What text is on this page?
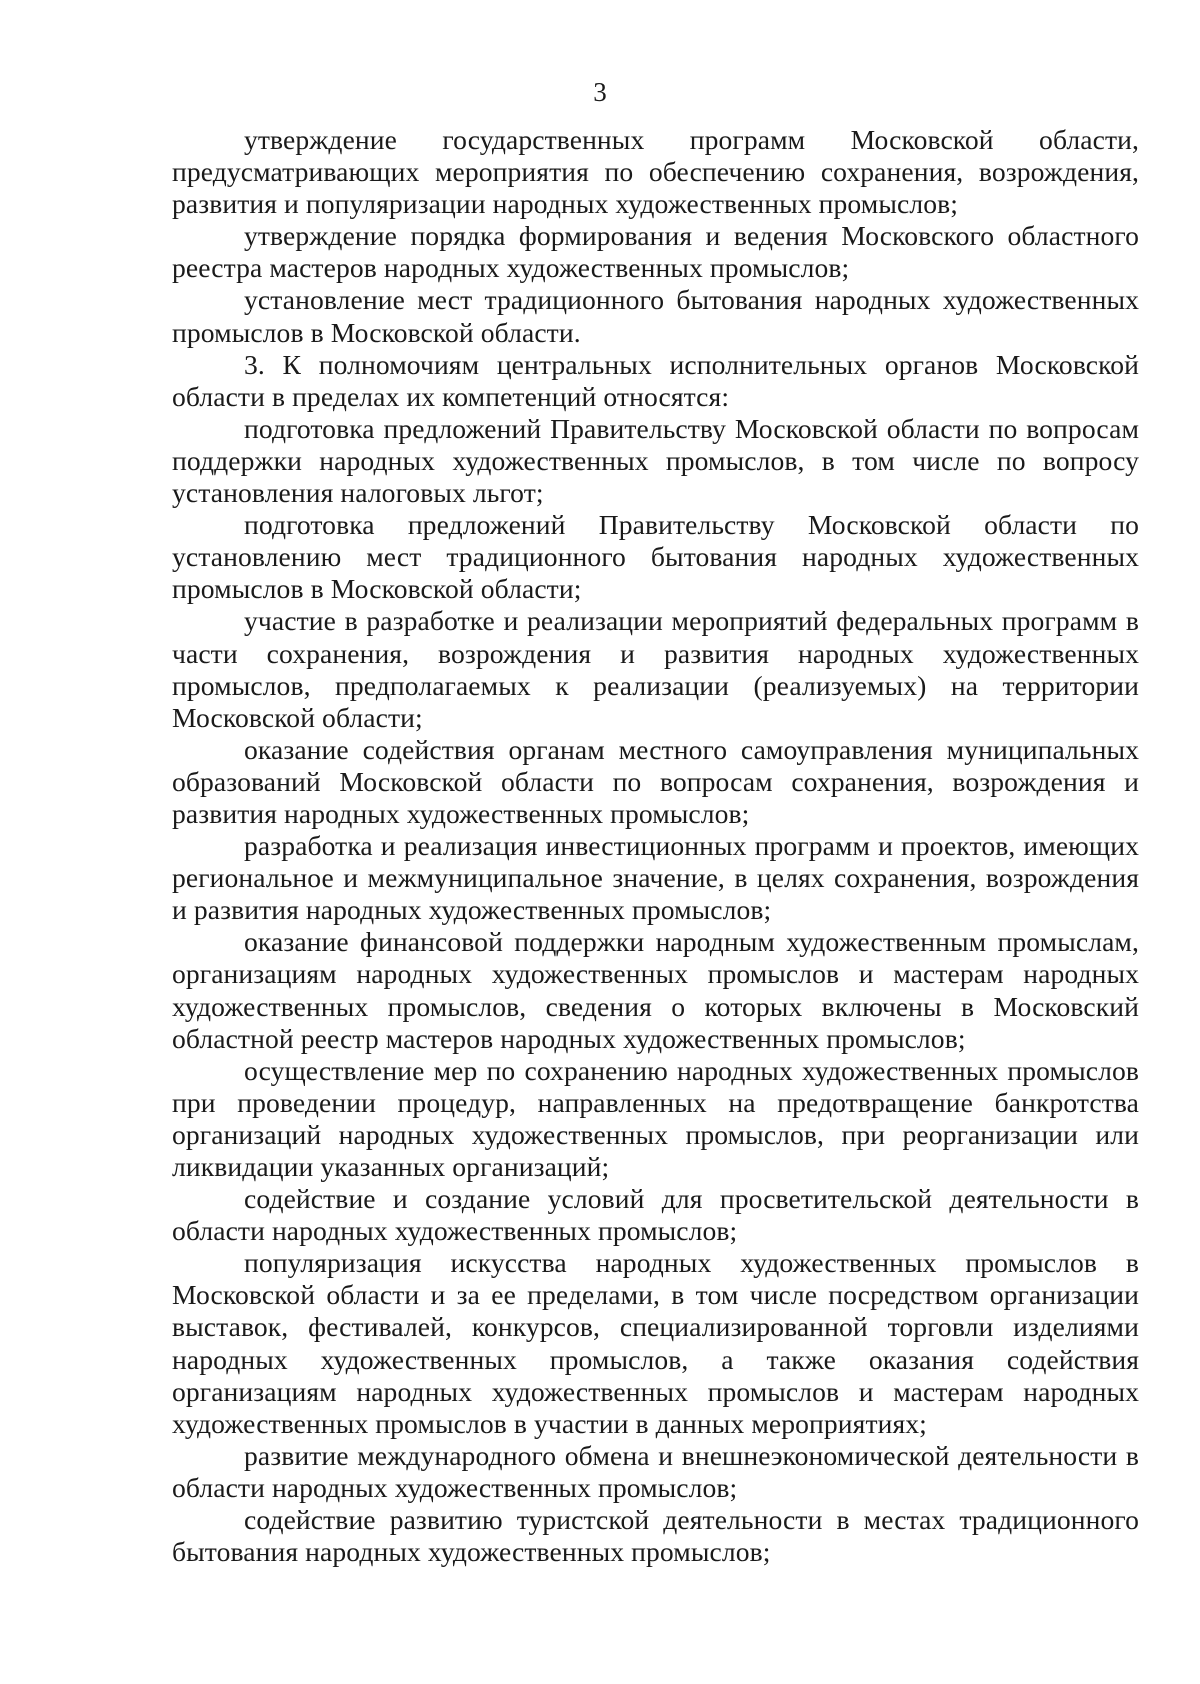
3

утверждение государственных программ Московской области, предусматривающих мероприятия по обеспечению сохранения, возрождения, развития и популяризации народных художественных промыслов;

утверждение порядка формирования и ведения Московского областного реестра мастеров народных художественных промыслов;

установление мест традиционного бытования народных художественных промыслов в Московской области.

3. К полномочиям центральных исполнительных органов Московской области в пределах их компетенций относятся:

подготовка предложений Правительству Московской области по вопросам поддержки народных художественных промыслов, в том числе по вопросу установления налоговых льгот;

подготовка предложений Правительству Московской области по установлению мест традиционного бытования народных художественных промыслов в Московской области;

участие в разработке и реализации мероприятий федеральных программ в части сохранения, возрождения и развития народных художественных промыслов, предполагаемых к реализации (реализуемых) на территории Московской области;

оказание содействия органам местного самоуправления муниципальных образований Московской области по вопросам сохранения, возрождения и развития народных художественных промыслов;

разработка и реализация инвестиционных программ и проектов, имеющих региональное и межмуниципальное значение, в целях сохранения, возрождения и развития народных художественных промыслов;

оказание финансовой поддержки народным художественным промыслам, организациям народных художественных промыслов и мастерам народных художественных промыслов, сведения о которых включены в Московский областной реестр мастеров народных художественных промыслов;

осуществление мер по сохранению народных художественных промыслов при проведении процедур, направленных на предотвращение банкротства организаций народных художественных промыслов, при реорганизации или ликвидации указанных организаций;

содействие и создание условий для просветительской деятельности в области народных художественных промыслов;

популяризация искусства народных художественных промыслов в Московской области и за ее пределами, в том числе посредством организации выставок, фестивалей, конкурсов, специализированной торговли изделиями народных художественных промыслов, а также оказания содействия организациям народных художественных промыслов и мастерам народных художественных промыслов в участии в данных мероприятиях;

развитие международного обмена и внешнеэкономической деятельности в области народных художественных промыслов;

содействие развитию туристской деятельности в местах традиционного бытования народных художественных промыслов;
